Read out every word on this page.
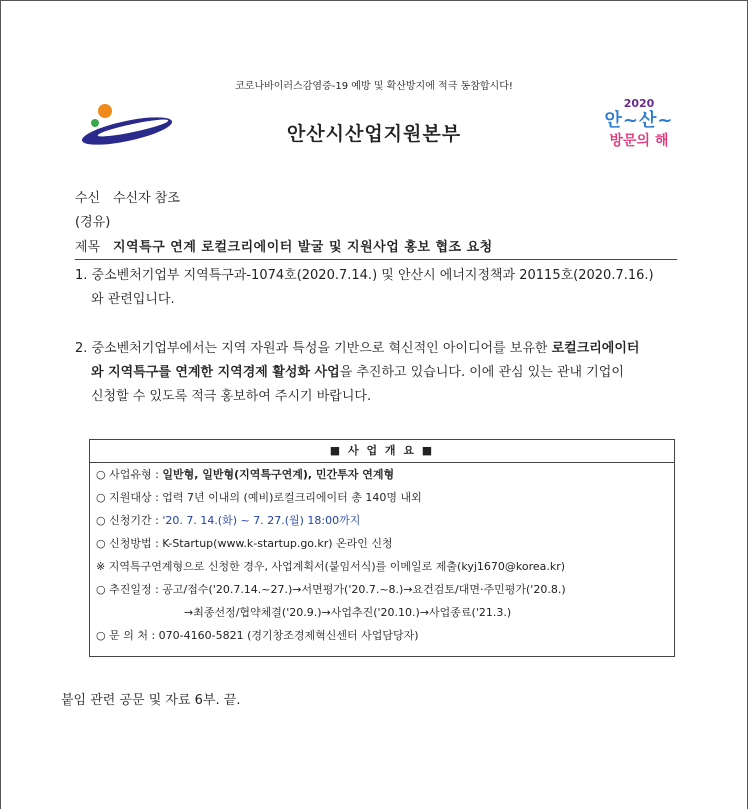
코로나바이러스감염증-19 예방 및 확산방지에 적극 동참합시다!
안산시산업지원본부
2020
안~산~
방문의 해
수신 수신자 참조
(경유)
제목 지역특구 연계 로컬크리에이터 발굴 및 지원사업 홍보 협조 요청
1. 중소벤처기업부 지역특구과-1074호(2020.7.14.) 및 안산시 에너지정책과 20115호(2020.7.16.)
와 관련입니다.
2. 중소벤처기업부에서는 지역 자원과 특성을 기반으로 혁신적인 아이디어를 보유한 로컬크리에이터
와 지역특구를 연계한 지역경제 활성화 사업을 추진하고 있습니다. 이에 관심 있는 관내 기업이
신청할 수 있도록 적극 홍보하여 주시기 바랍니다.
■ 사 업 개 요 ■
○ 사업유형 : 일반형, 일반형(지역특구연계), 민간투자 연계형
○ 지원대상 : 업력 7년 이내의 (예비)로컬크리에이터 총 140명 내외
○ 신청기간 : '20. 7. 14.(화) ~ 7. 27.(월) 18:00까지
○ 신청방법 : K-Startup(www.k-startup.go.kr) 온라인 신청
※ 지역특구연계형으로 신청한 경우, 사업계획서(붙임서식)를 이메일로 제출(kyj1670@korea.kr)
○ 추진일정 : 공고/접수('20.7.14.~27.)→서면평가('20.7.~8.)→요건검토/대면·주민평가('20.8.)
→최종선정/협약체결('20.9.)→사업추진('20.10.)→사업종료('21.3.)
○ 문 의 처 : 070-4160-5821 (경기창조경제혁신센터 사업담당자)
붙임 관련 공문 및 자료 6부. 끝.
